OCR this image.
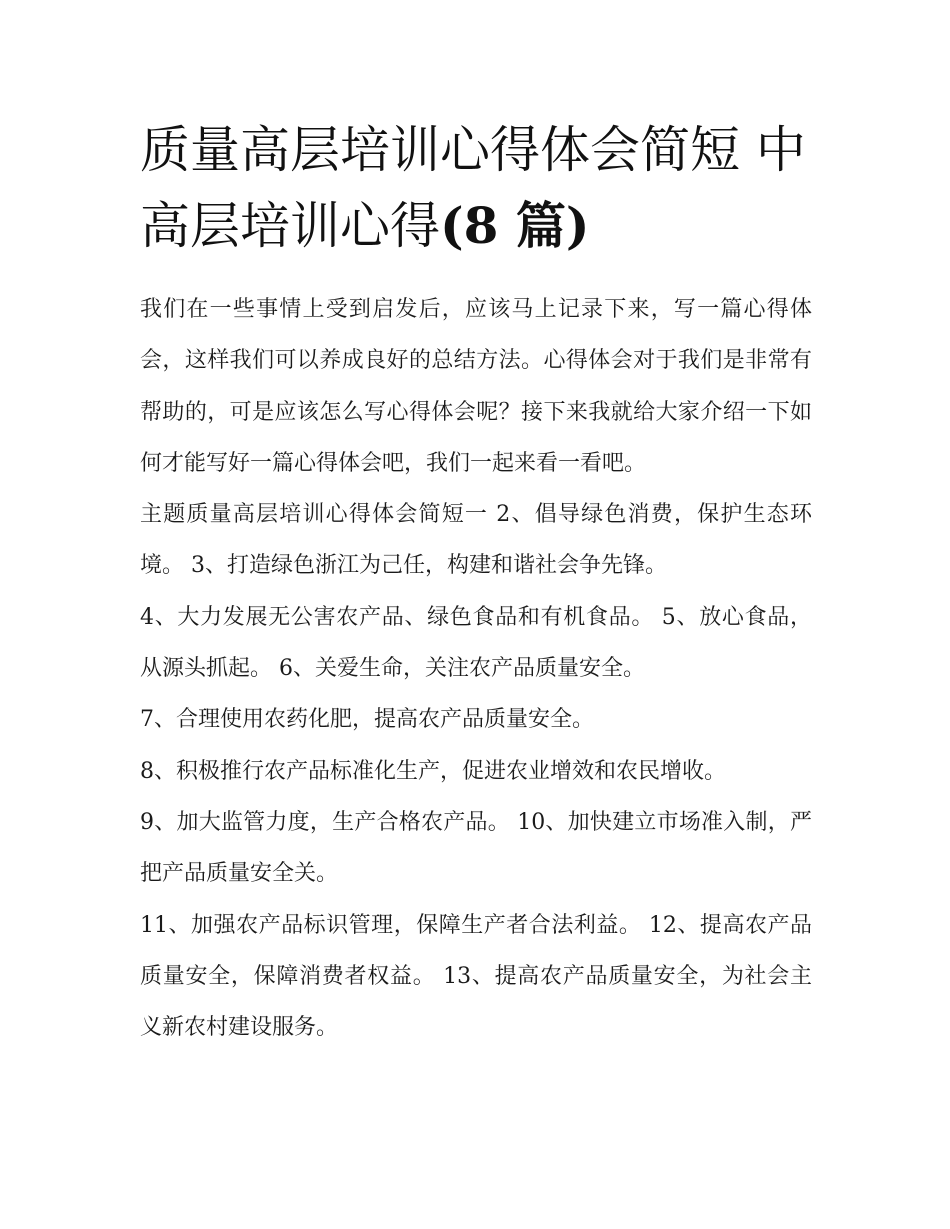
质量高层培训心得体会简短 中高层培训心得(8 篇)

我们在一些事情上受到启发后，应该马上记录下来，写一篇心得体会，这样我们可以养成良好的总结方法。心得体会对于我们是非常有帮助的，可是应该怎么写心得体会呢？接下来我就给大家介绍一下如何才能写好一篇心得体会吧，我们一起来看一看吧。

主题质量高层培训心得体会简短一 2、倡导绿色消费，保护生态环境。 3、打造绿色浙江为己任，构建和谐社会争先锋。

4、大力发展无公害农产品、绿色食品和有机食品。 5、放心食品，从源头抓起。 6、关爱生命，关注农产品质量安全。

7、合理使用农药化肥，提高农产品质量安全。

8、积极推行农产品标准化生产，促进农业增效和农民增收。

9、加大监管力度，生产合格农产品。 10、加快建立市场准入制，严把产品质量安全关。

11、加强农产品标识管理，保障生产者合法利益。 12、提高农产品质量安全，保障消费者权益。 13、提高农产品质量安全，为社会主义新农村建设服务。
